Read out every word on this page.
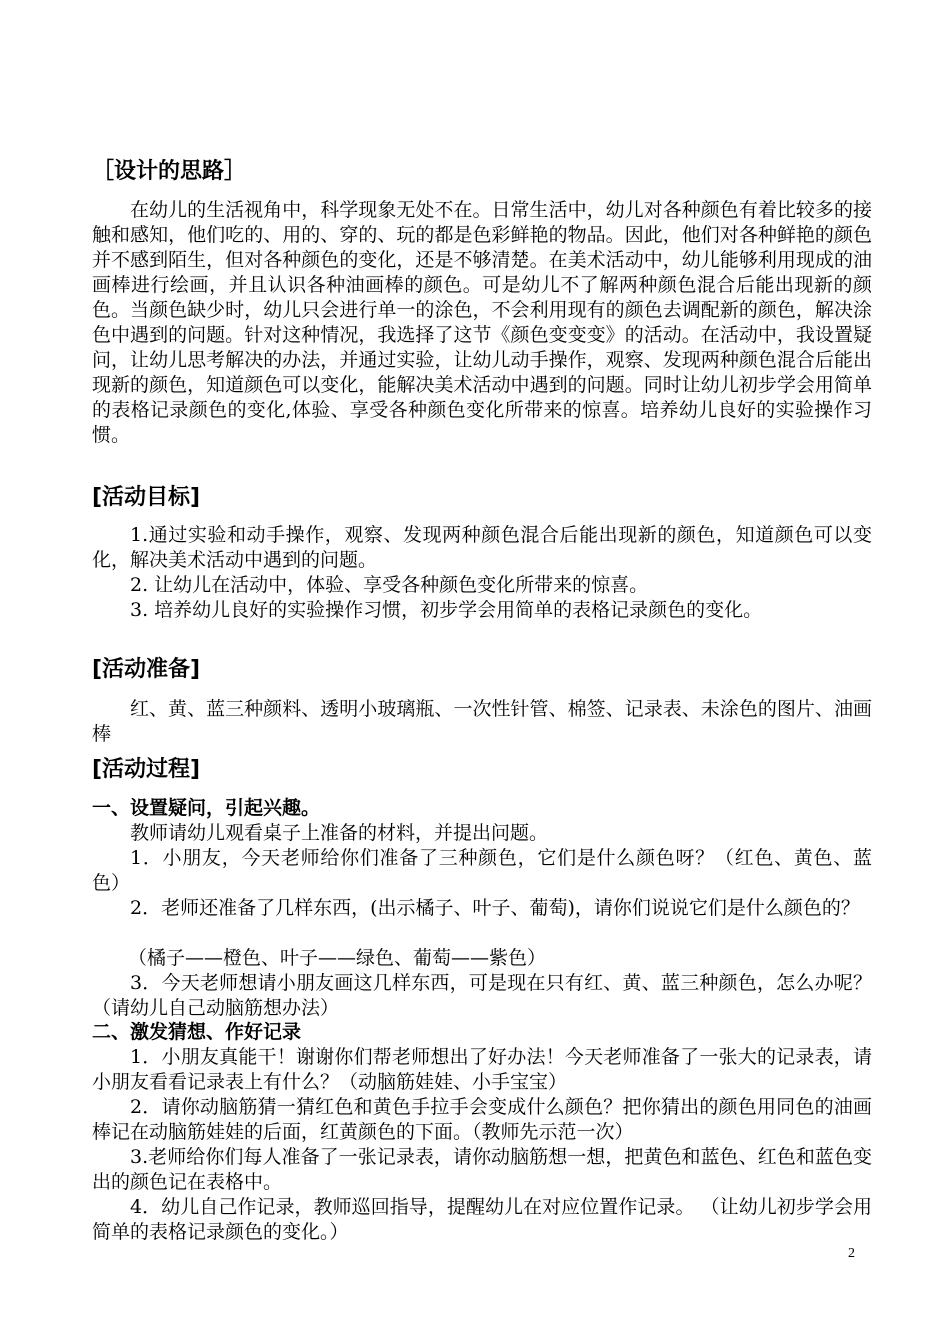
［设计的思路］
在幼儿的生活视角中，科学现象无处不在。日常生活中，幼儿对各种颜色有着比较多的接触和感知，他们吃的、用的、穿的、玩的都是色彩鲜艳的物品。因此，他们对各种鲜艳的颜色并不感到陌生，但对各种颜色的变化，还是不够清楚。在美术活动中，幼儿能够利用现成的油画棒进行绘画，并且认识各种油画棒的颜色。可是幼儿不了解两种颜色混合后能出现新的颜色。当颜色缺少时，幼儿只会进行单一的涂色，不会利用现有的颜色去调配新的颜色，解决涂色中遇到的问题。针对这种情况，我选择了这节《颜色变变变》的活动。在活动中，我设置疑问，让幼儿思考解决的办法，并通过实验，让幼儿动手操作，观察、发现两种颜色混合后能出现新的颜色，知道颜色可以变化，能解决美术活动中遇到的问题。同时让幼儿初步学会用简单的表格记录颜色的变化,体验、享受各种颜色变化所带来的惊喜。培养幼儿良好的实验操作习惯。
[活动目标]
1.通过实验和动手操作，观察、发现两种颜色混合后能出现新的颜色，知道颜色可以变化，解决美术活动中遇到的问题。
2. 让幼儿在活动中，体验、享受各种颜色变化所带来的惊喜。
3. 培养幼儿良好的实验操作习惯，初步学会用简单的表格记录颜色的变化。
[活动准备]
红、黄、蓝三种颜料、透明小玻璃瓶、一次性针管、棉签、记录表、未涂色的图片、油画棒
[活动过程]
一、设置疑问，引起兴趣。
教师请幼儿观看桌子上准备的材料，并提出问题。
1．小朋友，今天老师给你们准备了三种颜色，它们是什么颜色呀？（红色、黄色、蓝色）
2．老师还准备了几样东西，(出示橘子、叶子、葡萄)，请你们说说它们是什么颜色的？
（橘子——橙色、叶子——绿色、葡萄——紫色）
3．今天老师想请小朋友画这几样东西，可是现在只有红、黄、蓝三种颜色，怎么办呢？（请幼儿自己动脑筋想办法）
二、激发猜想、作好记录
1．小朋友真能干！谢谢你们帮老师想出了好办法！今天老师准备了一张大的记录表，请小朋友看看记录表上有什么？（动脑筋娃娃、小手宝宝）
2．请你动脑筋猜一猜红色和黄色手拉手会变成什么颜色？把你猜出的颜色用同色的油画棒记在动脑筋娃娃的后面，红黄颜色的下面。（教师先示范一次）
3.老师给你们每人准备了一张记录表，请你动脑筋想一想，把黄色和蓝色、红色和蓝色变出的颜色记在表格中。
4．幼儿自己作记录，教师巡回指导，提醒幼儿在对应位置作记录。 （让幼儿初步学会用简单的表格记录颜色的变化。）
2
